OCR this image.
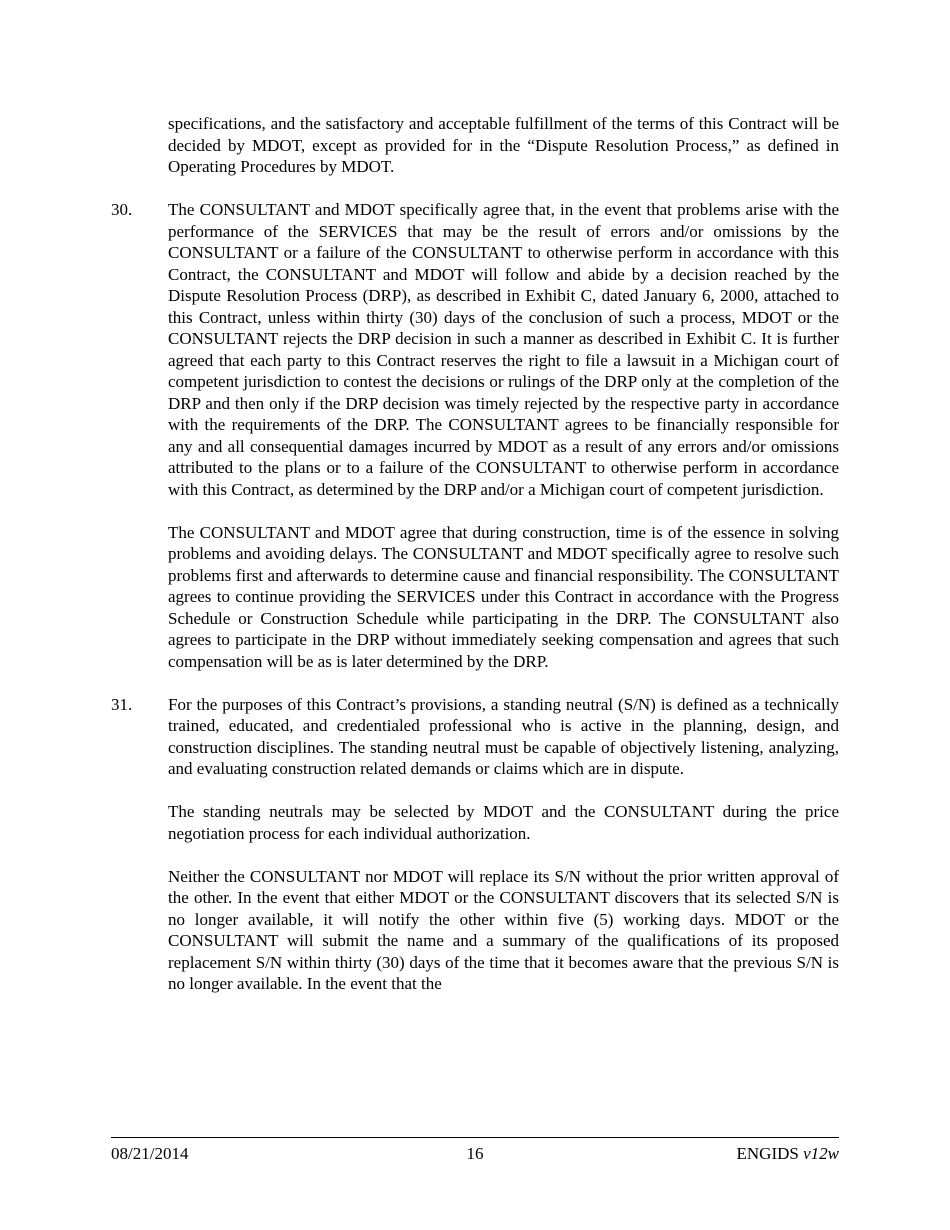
specifications, and the satisfactory and acceptable fulfillment of the terms of this Contract will be decided by MDOT, except as provided for in the “Dispute Resolution Process,” as defined in Operating Procedures by MDOT.

30. The CONSULTANT and MDOT specifically agree that, in the event that problems arise with the performance of the SERVICES that may be the result of errors and/or omissions by the CONSULTANT or a failure of the CONSULTANT to otherwise perform in accordance with this Contract, the CONSULTANT and MDOT will follow and abide by a decision reached by the Dispute Resolution Process (DRP), as described in Exhibit C, dated January 6, 2000, attached to this Contract, unless within thirty (30) days of the conclusion of such a process, MDOT or the CONSULTANT rejects the DRP decision in such a manner as described in Exhibit C. It is further agreed that each party to this Contract reserves the right to file a lawsuit in a Michigan court of competent jurisdiction to contest the decisions or rulings of the DRP only at the completion of the DRP and then only if the DRP decision was timely rejected by the respective party in accordance with the requirements of the DRP. The CONSULTANT agrees to be financially responsible for any and all consequential damages incurred by MDOT as a result of any errors and/or omissions attributed to the plans or to a failure of the CONSULTANT to otherwise perform in accordance with this Contract, as determined by the DRP and/or a Michigan court of competent jurisdiction.

The CONSULTANT and MDOT agree that during construction, time is of the essence in solving problems and avoiding delays. The CONSULTANT and MDOT specifically agree to resolve such problems first and afterwards to determine cause and financial responsibility. The CONSULTANT agrees to continue providing the SERVICES under this Contract in accordance with the Progress Schedule or Construction Schedule while participating in the DRP. The CONSULTANT also agrees to participate in the DRP without immediately seeking compensation and agrees that such compensation will be as is later determined by the DRP.

31. For the purposes of this Contract’s provisions, a standing neutral (S/N) is defined as a technically trained, educated, and credentialed professional who is active in the planning, design, and construction disciplines. The standing neutral must be capable of objectively listening, analyzing, and evaluating construction related demands or claims which are in dispute.

The standing neutrals may be selected by MDOT and the CONSULTANT during the price negotiation process for each individual authorization.

Neither the CONSULTANT nor MDOT will replace its S/N without the prior written approval of the other. In the event that either MDOT or the CONSULTANT discovers that its selected S/N is no longer available, it will notify the other within five (5) working days. MDOT or the CONSULTANT will submit the name and a summary of the qualifications of its proposed replacement S/N within thirty (30) days of the time that it becomes aware that the previous S/N is no longer available. In the event that the

08/21/2014	16	ENGIDS v12w
